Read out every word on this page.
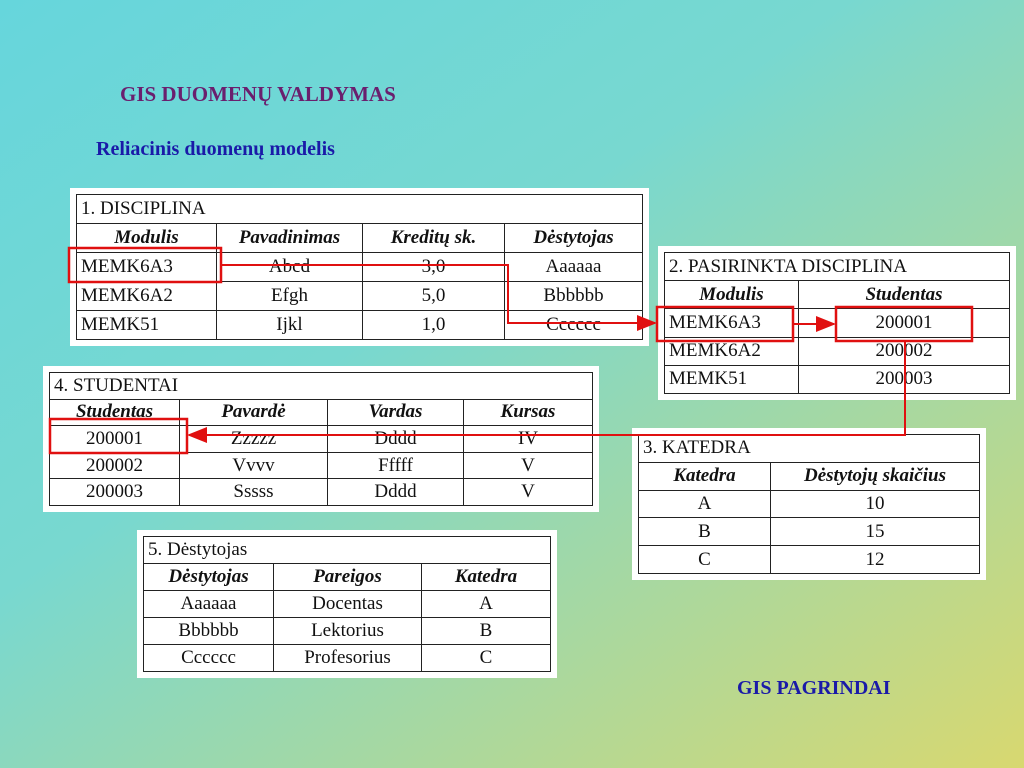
GIS DUOMENŲ VALDYMAS
Reliacinis duomenų modelis
1. DISCIPLINA			
Modulis	Pavadinimas	Kreditų sk.	Dėstytojas
MEMK6A3	Abcd	3,0	Aaaaaa
MEMK6A2	Efgh	5,0	Bbbbbb
MEMK51	Ijkl	1,0	Cccccc
2. PASIRINKTA DISCIPLINA	
Modulis	Studentas
MEMK6A3	200001
MEMK6A2	200002
MEMK51	200003
4. STUDENTAI			
Studentas	Pavardė	Vardas	Kursas
200001	Zzzzz	Dddd	IV
200002	Vvvv	Fffff	V
200003	Sssss	Dddd	V
3. KATEDRA	
Katedra	Dėstytojų skaičius
A	10
B	15
C	12
5. Dėstytojas		
Dėstytojas	Pareigos	Katedra
Aaaaaa	Docentas	A
Bbbbbb	Lektorius	B
Cccccc	Profesorius	C
GIS PAGRINDAI
